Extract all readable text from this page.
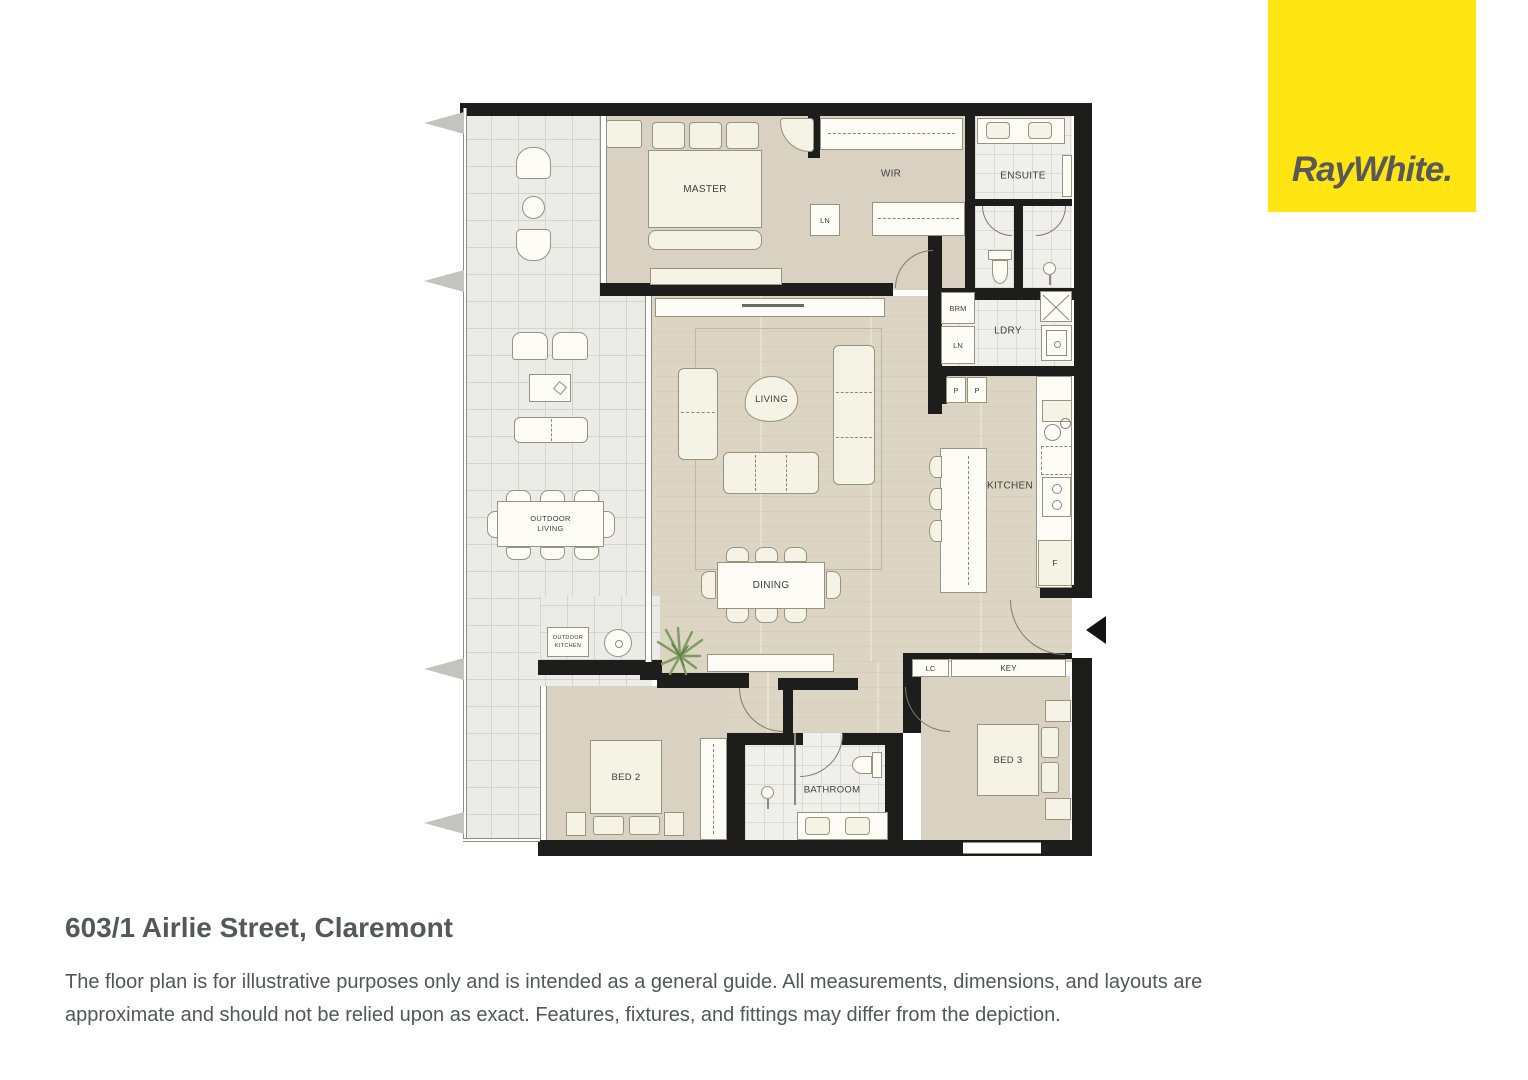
MASTER
LN
WIR	ENSUITE
BRM
LN
LDRY
P P
F
KITCHEN
LIVING
DINING
LC	KEY
BED 2
BATHROOM
BED 3
OUTDOOR
LIVING
OUTDOOR
KITCHEN
RayWhite.
603/1 Airlie Street, Claremont
The floor plan is for illustrative purposes only and is intended as a general guide. All measurements, dimensions, and layouts are
approximate and should not be relied upon as exact. Features, fixtures, and fittings may differ from the depiction.
